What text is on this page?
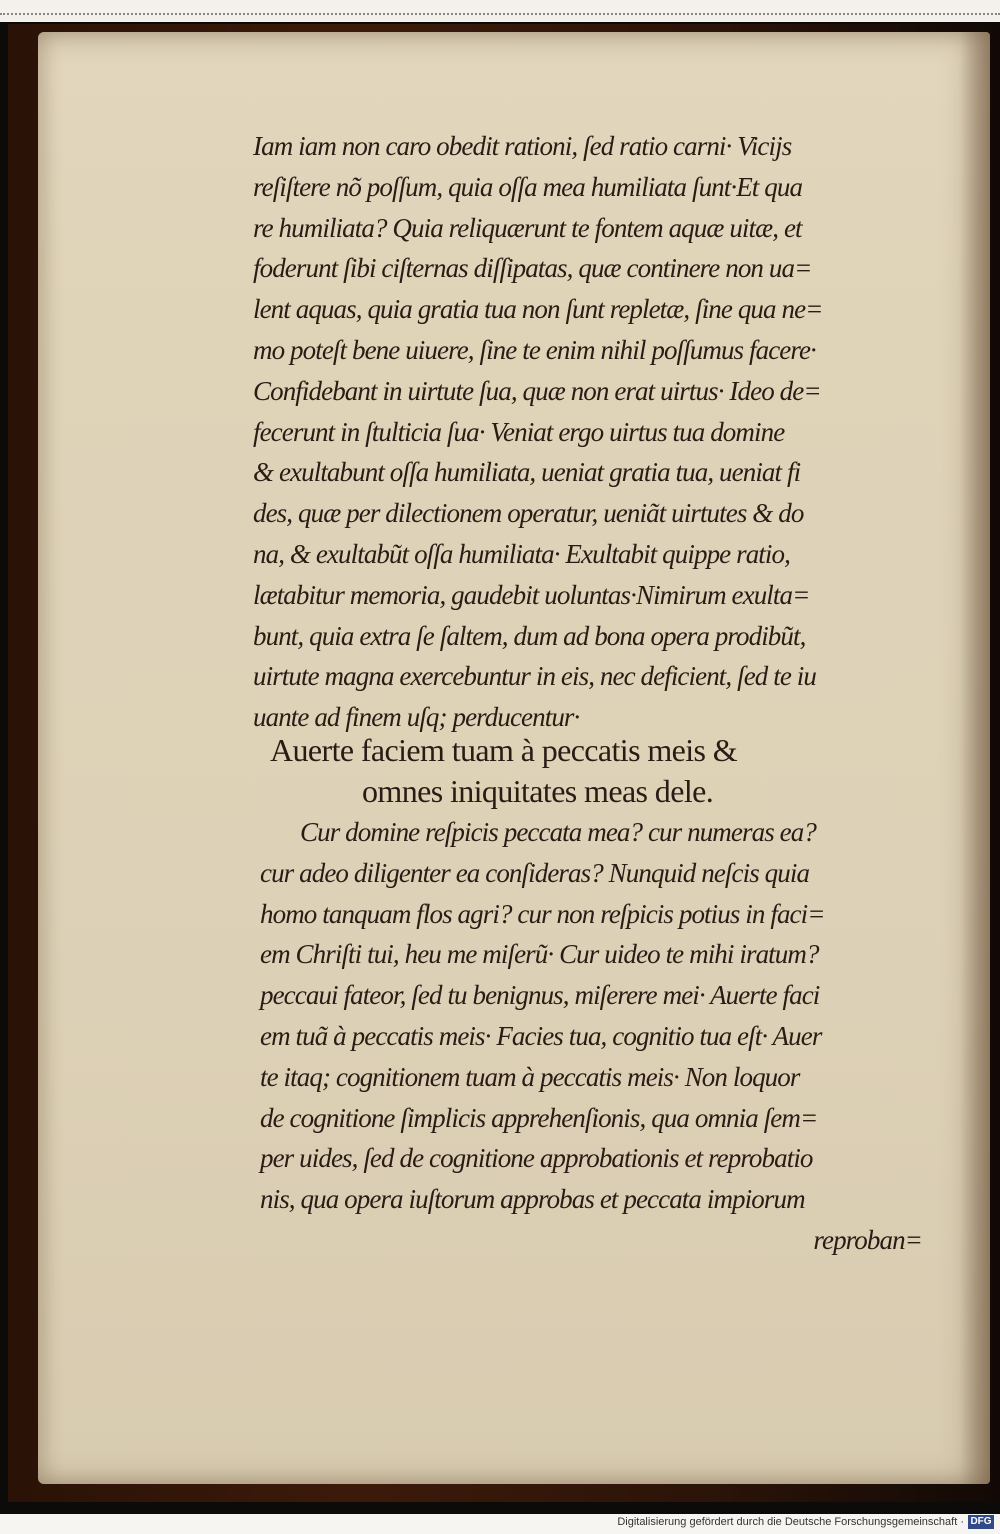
Iam iam non caro obedit rationi, ſed ratio carni· Vicijs
reſiſtere nõ poſſum, quia oſſa mea humiliata ſunt·Et qua
re humiliata? Quia reliquærunt te fontem aquæ uitæ, et
foderunt ſibi ciſternas diſſipatas, quæ continere non ua=
lent aquas, quia gratia tua non ſunt repletæ, ſine qua ne=
mo poteſt bene uiuere, ſine te enim nihil poſſumus facere·
Confidebant in uirtute ſua, quæ non erat uirtus· Ideo de=
fecerunt in ſtulticia ſua· Veniat ergo uirtus tua domine
& exultabunt oſſa humiliata, ueniat gratia tua, ueniat fi
des, quæ per dilectionem operatur, ueniãt uirtutes & do
na, & exultabũt oſſa humiliata· Exultabit quippe ratio,
lætabitur memoria, gaudebit uoluntas·Nimirum exulta=
bunt, quia extra ſe ſaltem, dum ad bona opera prodibũt,
uirtute magna exercebuntur in eis, nec deficient, ſed te iu
uante ad finem uſq; perducentur·
Auerte faciem tuam à peccatis meis &
omnes iniquitates meas dele.
Cur domine reſpicis peccata mea? cur numeras ea?
cur adeo diligenter ea conſideras? Nunquid neſcis quia
homo tanquam flos agri? cur non reſpicis potius in faci=
em Chriſti tui, heu me miſerũ· Cur uideo te mihi iratum?
peccaui fateor, ſed tu benignus, miſerere mei· Auerte faci
em tuã à peccatis meis· Facies tua, cognitio tua eſt· Auer
te itaq; cognitionem tuam à peccatis meis· Non loquor
de cognitione ſimplicis apprehenſionis, qua omnia ſem=
per uides, ſed de cognitione approbationis et reprobatio
nis, qua opera iuſtorum approbas et peccata impiorum
reproban=
Digitalisierung gefördert durch die Deutsche Forschungsgemeinschaft · DFG
